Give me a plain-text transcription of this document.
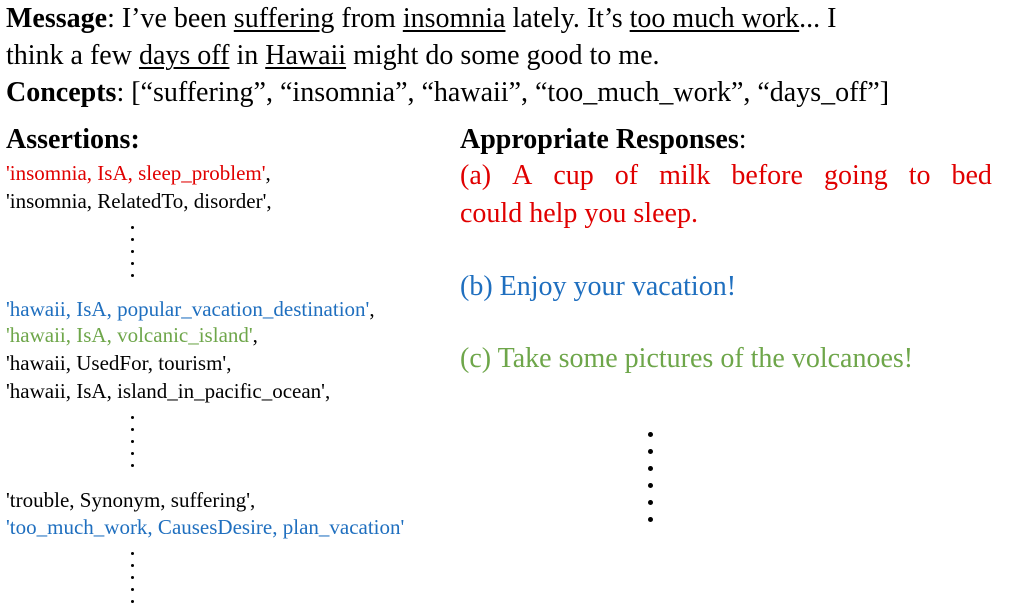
Message: I’ve been suffering from insomnia lately. It’s too much work... I
think a few days off in Hawaii might do some good to me.
Concepts: [“suffering”, “insomnia”, “hawaii”, “too_much_work”, “days_off”]
Assertions:
'insomnia, IsA, sleep_problem',
'insomnia, RelatedTo, disorder',
'hawaii, IsA, popular_vacation_destination',
'hawaii, IsA, volcanic_island',
'hawaii, UsedFor, tourism',
'hawaii, IsA, island_in_pacific_ocean',
'trouble, Synonym, suffering',
'too_much_work, CausesDesire, plan_vacation'
Appropriate Responses:
(a) A cup of milk before going to bed
could help you sleep.
(b) Enjoy your vacation!
(c) Take some pictures of the volcanoes!
